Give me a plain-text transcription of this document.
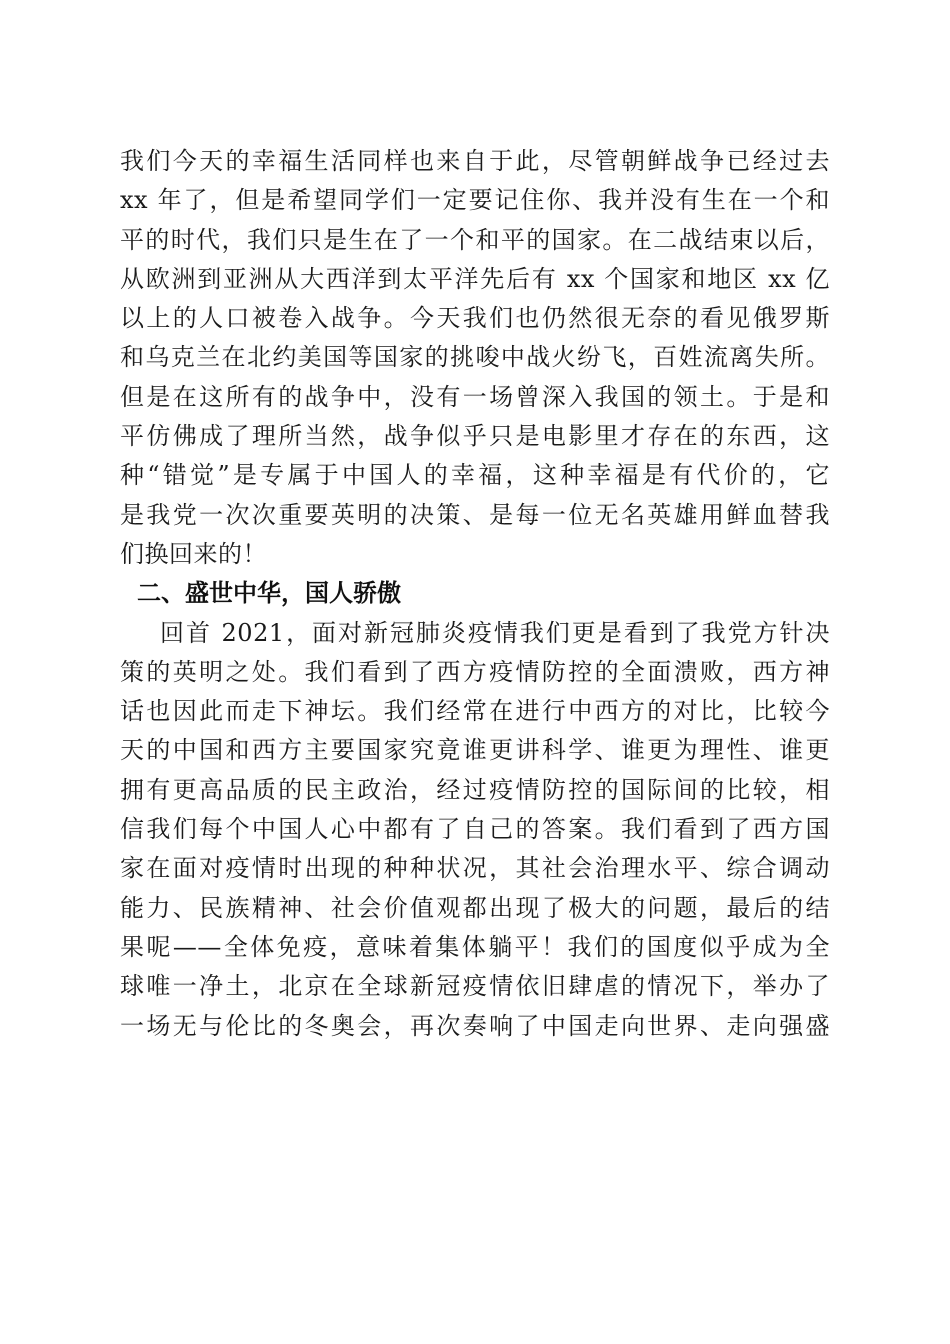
我们今天的幸福生活同样也来自于此，尽管朝鲜战争已经过去
xx 年了，但是希望同学们一定要记住你、我并没有生在一个和
平的时代，我们只是生在了一个和平的国家。在二战结束以后，
从欧洲到亚洲从大西洋到太平洋先后有 xx 个国家和地区 xx 亿
以上的人口被卷入战争。今天我们也仍然很无奈的看见俄罗斯
和乌克兰在北约美国等国家的挑唆中战火纷飞，百姓流离失所。
但是在这所有的战争中，没有一场曾深入我国的领土。于是和
平仿佛成了理所当然，战争似乎只是电影里才存在的东西，这
种“错觉”是专属于中国人的幸福，这种幸福是有代价的，它
是我党一次次重要英明的决策、是每一位无名英雄用鲜血替我
们换回来的！
二、盛世中华，国人骄傲
回首 2021，面对新冠肺炎疫情我们更是看到了我党方针决
策的英明之处。我们看到了西方疫情防控的全面溃败，西方神
话也因此而走下神坛。我们经常在进行中西方的对比，比较今
天的中国和西方主要国家究竟谁更讲科学、谁更为理性、谁更
拥有更高品质的民主政治，经过疫情防控的国际间的比较，相
信我们每个中国人心中都有了自己的答案。我们看到了西方国
家在面对疫情时出现的种种状况，其社会治理水平、综合调动
能力、民族精神、社会价值观都出现了极大的问题，最后的结
果呢——全体免疫，意味着集体躺平！我们的国度似乎成为全
球唯一净土，北京在全球新冠疫情依旧肆虐的情况下，举办了
一场无与伦比的冬奥会，再次奏响了中国走向世界、走向强盛
